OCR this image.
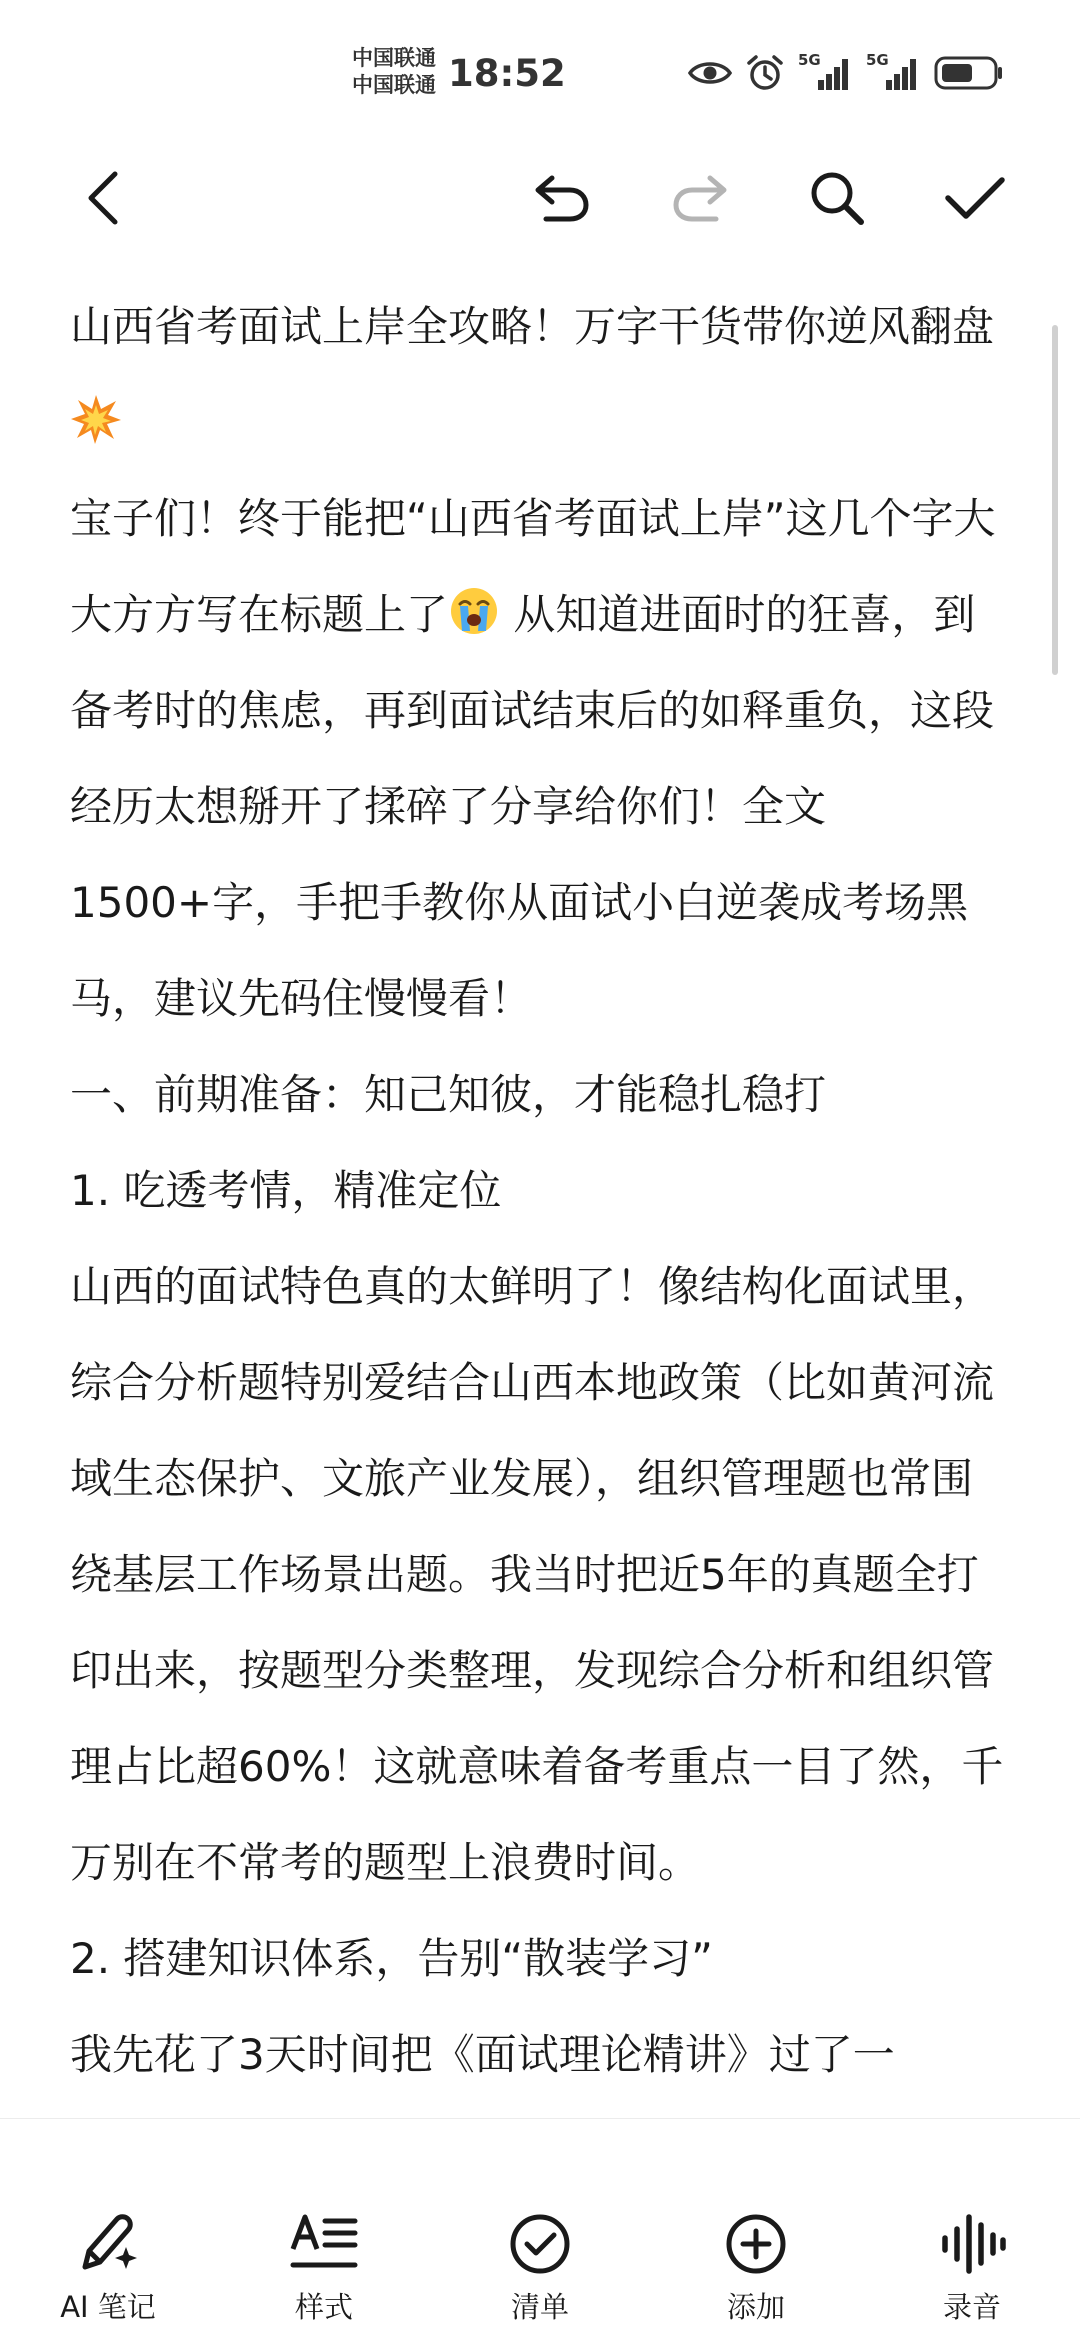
中国联通
中国联通 18:52	5G	5G

山西省考面试上岸全攻略！万字干货带你逆风翻盘

宝子们！终于能把“山西省考面试上岸”这几个字大大方方写在标题上了 从知道进面时的狂喜，到备考时的焦虑，再到面试结束后的如释重负，这段经历太想掰开了揉碎了分享给你们！全文1500+字，手把手教你从面试小白逆袭成考场黑马，建议先码住慢慢看！

一、前期准备：知己知彼，才能稳扎稳打

1. 吃透考情，精准定位

山西的面试特色真的太鲜明了！像结构化面试里，综合分析题特别爱结合山西本地政策（比如黄河流域生态保护、文旅产业发展），组织管理题也常围绕基层工作场景出题。我当时把近5年的真题全打印出来，按题型分类整理，发现综合分析和组织管理占比超60%！这就意味着备考重点一目了然，千万别在不常考的题型上浪费时间。

2. 搭建知识体系，告别“散装学习”

我先花了3天时间把《面试理论精讲》过了一

AI 笔记	样式	清单	添加	录音
